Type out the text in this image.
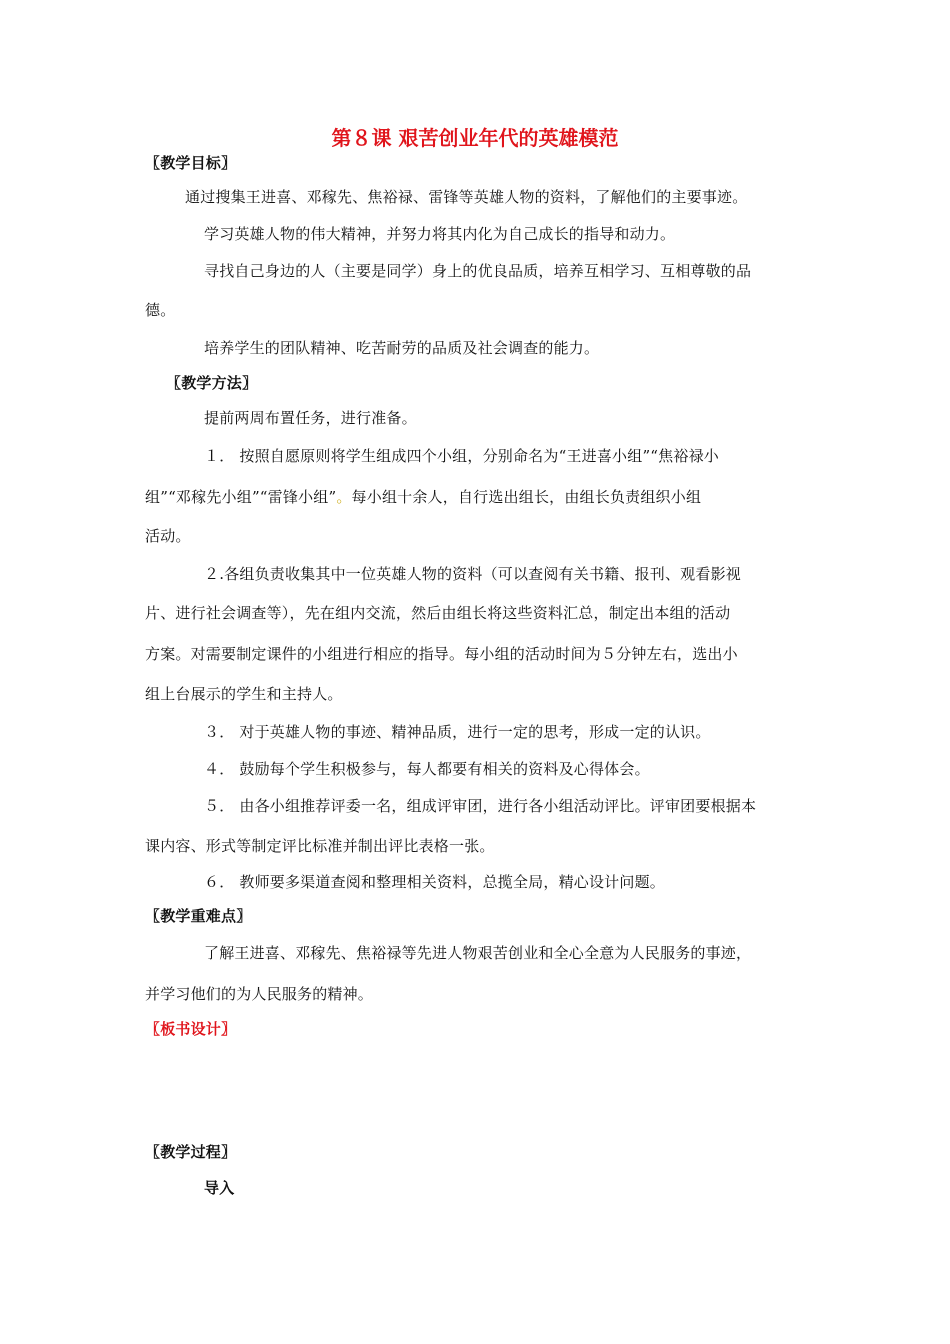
第８课 艰苦创业年代的英雄模范
〖教学目标〗
通过搜集王进喜、邓稼先、焦裕禄、雷锋等英雄人物的资料，了解他们的主要事迹。
学习英雄人物的伟大精神，并努力将其内化为自己成长的指导和动力。
寻找自己身边的人（主要是同学）身上的优良品质，培养互相学习、互相尊敬的品
德。
培养学生的团队精神、吃苦耐劳的品质及社会调查的能力。
〖教学方法〗
提前两周布置任务，进行准备。
１． 按照自愿原则将学生组成四个小组，分别命名为“王进喜小组”“焦裕禄小
组”“邓稼先小组”“雷锋小组”。每小组十余人，自行选出组长，由组长负责组织小组
活动。
２.各组负责收集其中一位英雄人物的资料（可以查阅有关书籍、报刊、观看影视
片、进行社会调查等），先在组内交流，然后由组长将这些资料汇总，制定出本组的活动
方案。对需要制定课件的小组进行相应的指导。每小组的活动时间为５分钟左右，选出小
组上台展示的学生和主持人。
３． 对于英雄人物的事迹、精神品质，进行一定的思考，形成一定的认识。
４． 鼓励每个学生积极参与，每人都要有相关的资料及心得体会。
５． 由各小组推荐评委一名，组成评审团，进行各小组活动评比。评审团要根据本
课内容、形式等制定评比标准并制出评比表格一张。
６． 教师要多渠道查阅和整理相关资料，总揽全局，精心设计问题。
〖教学重难点〗
了解王进喜、邓稼先、焦裕禄等先进人物艰苦创业和全心全意为人民服务的事迹，
并学习他们的为人民服务的精神。
〖板书设计〗
〖教学过程〗
导入
